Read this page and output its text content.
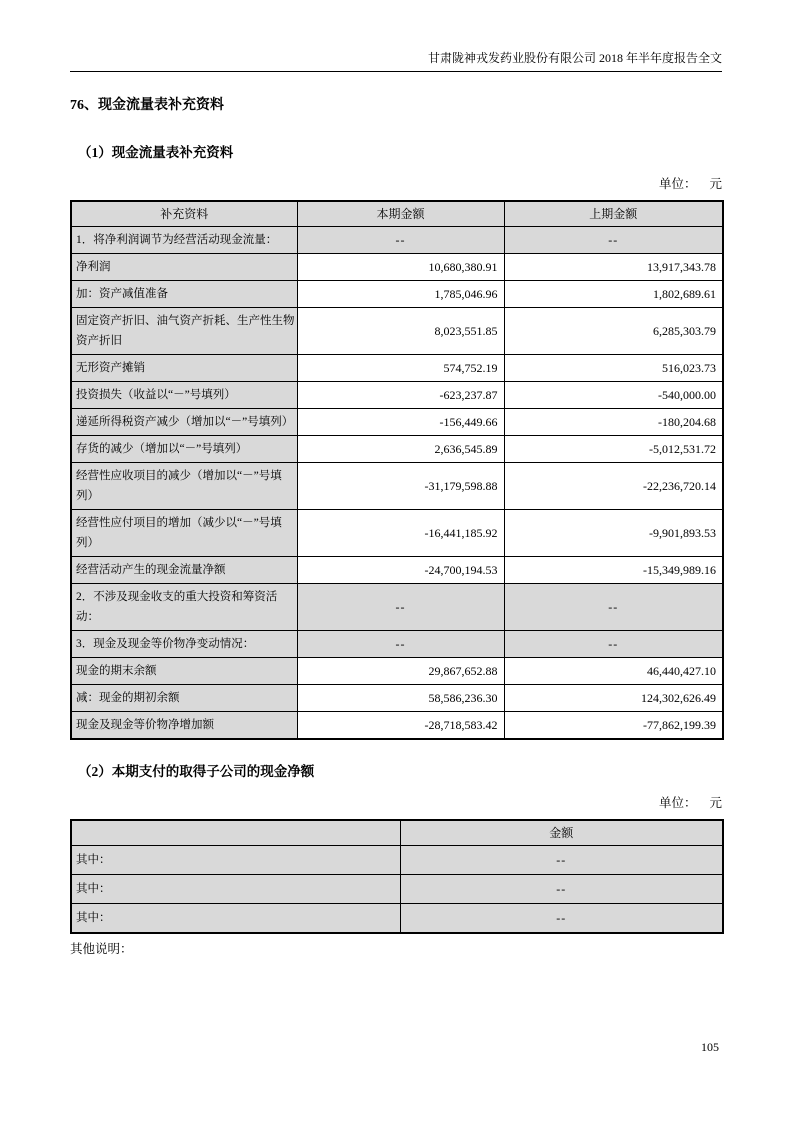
甘肃陇神戎发药业股份有限公司 2018 年半年度报告全文
76、现金流量表补充资料
（1）现金流量表补充资料
单位： 元
补充资料	本期金额	上期金额
1．将净利润调节为经营活动现金流量：	--	--
净利润	10,680,380.91	13,917,343.78
加：资产减值准备	1,785,046.96	1,802,689.61
固定资产折旧、油气资产折耗、生产性生物资产折旧	8,023,551.85	6,285,303.79
无形资产摊销	574,752.19	516,023.73
投资损失（收益以“－”号填列）	-623,237.87	-540,000.00
递延所得税资产减少（增加以“－”号填列）	-156,449.66	-180,204.68
存货的减少（增加以“－”号填列）	2,636,545.89	-5,012,531.72
经营性应收项目的减少（增加以“－”号填列）	-31,179,598.88	-22,236,720.14
经营性应付项目的增加（减少以“－”号填列）	-16,441,185.92	-9,901,893.53
经营活动产生的现金流量净额	-24,700,194.53	-15,349,989.16
2．不涉及现金收支的重大投资和筹资活动：	--	--
3．现金及现金等价物净变动情况：	--	--
现金的期末余额	29,867,652.88	46,440,427.10
减：现金的期初余额	58,586,236.30	124,302,626.49
现金及现金等价物净增加额	-28,718,583.42	-77,862,199.39
（2）本期支付的取得子公司的现金净额
单位： 元
	金额
其中：	--
其中：	--
其中：	--
其他说明：
105
